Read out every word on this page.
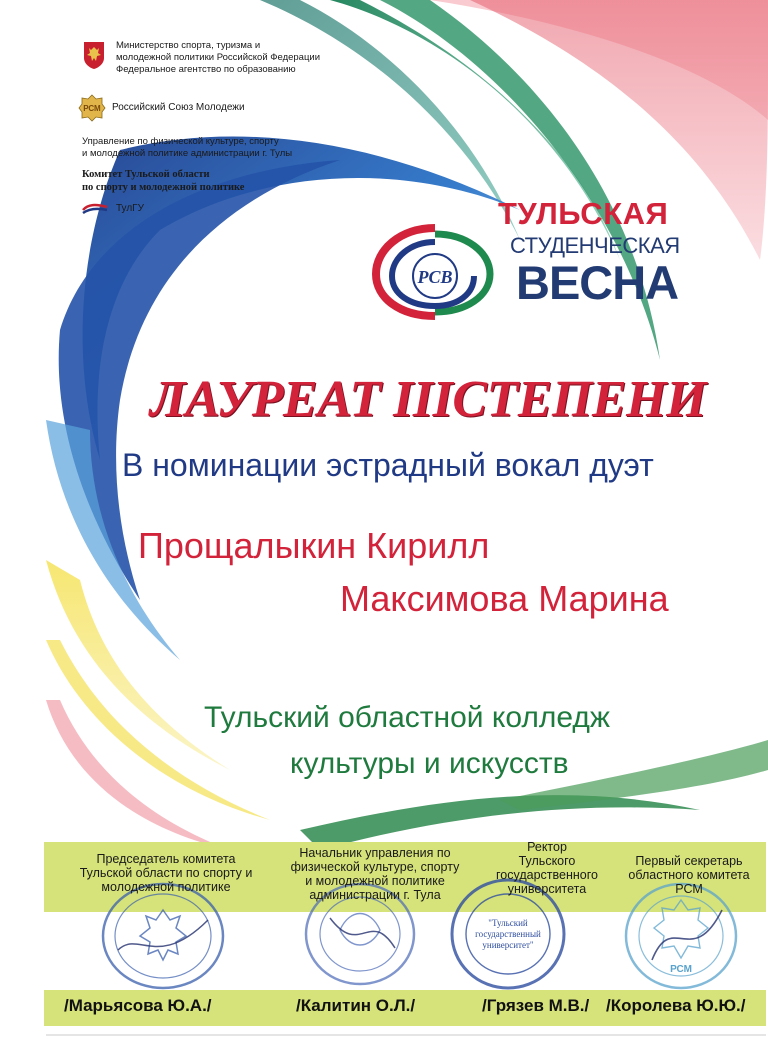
Министерство спорта, туризма и
молодежной политики Российской Федерации
Федеральное агентство по образованию
РСМ Российский Союз Молодежи
Управление по физической культуре, спорту
и молодежной политике администрации г. Тулы
Комитет Тульской области
по спорту и молодежной политике
ТулГУ
РСВ
ТУЛЬСКАЯ
СТУДЕНЧЕСКАЯ
ВЕСНА
ЛАУРЕАТ IIIСТЕПЕНИ
В номинации эстрадный вокал дуэт
Прощалыкин Кирилл
Максимова Марина
Тульский областной колледж
культуры и искусств
"Тульский
государственный
университет"
РСМ
Председатель комитета
Тульской области по спорту и
молодежной политике
Начальник управления по
физической культуре, спорту
и молодежной политике
администрации г. Тула
Ректор
Тульского
государственного
университета
Первый секретарь
областного комитета
РСМ
/Марьясова Ю.А./	/Калитин О.Л./	/Грязев М.В./ /Королева Ю.Ю./
